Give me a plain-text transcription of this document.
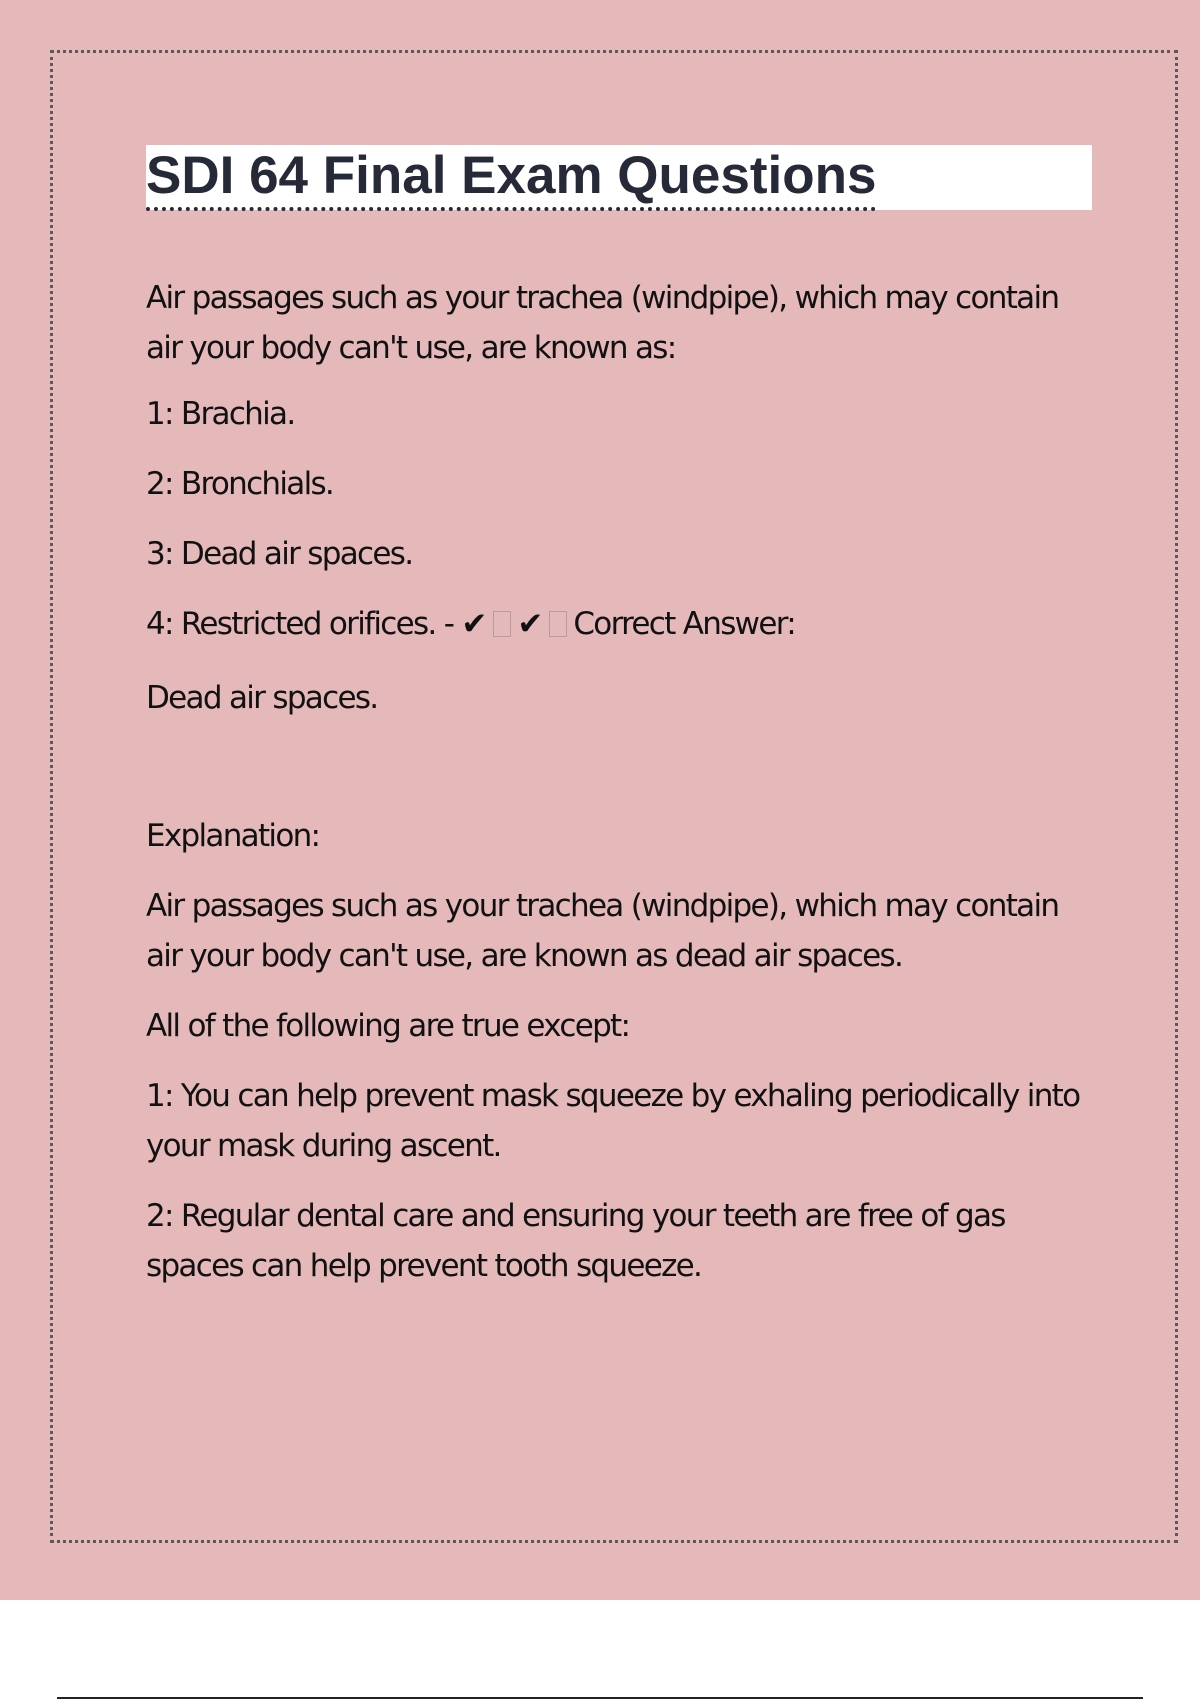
SDI 64 Final Exam Questions

Air passages such as your trachea (windpipe), which may contain air your body can't use, are known as:

1: Brachia.

2: Bronchials.

3: Dead air spaces.

4: Restricted orifices. - ✔ ✔ Correct Answer:

Dead air spaces.

Explanation:

Air passages such as your trachea (windpipe), which may contain air your body can't use, are known as dead air spaces.

All of the following are true except:

1: You can help prevent mask squeeze by exhaling periodically into your mask during ascent.

2: Regular dental care and ensuring your teeth are free of gas spaces can help prevent tooth squeeze.
